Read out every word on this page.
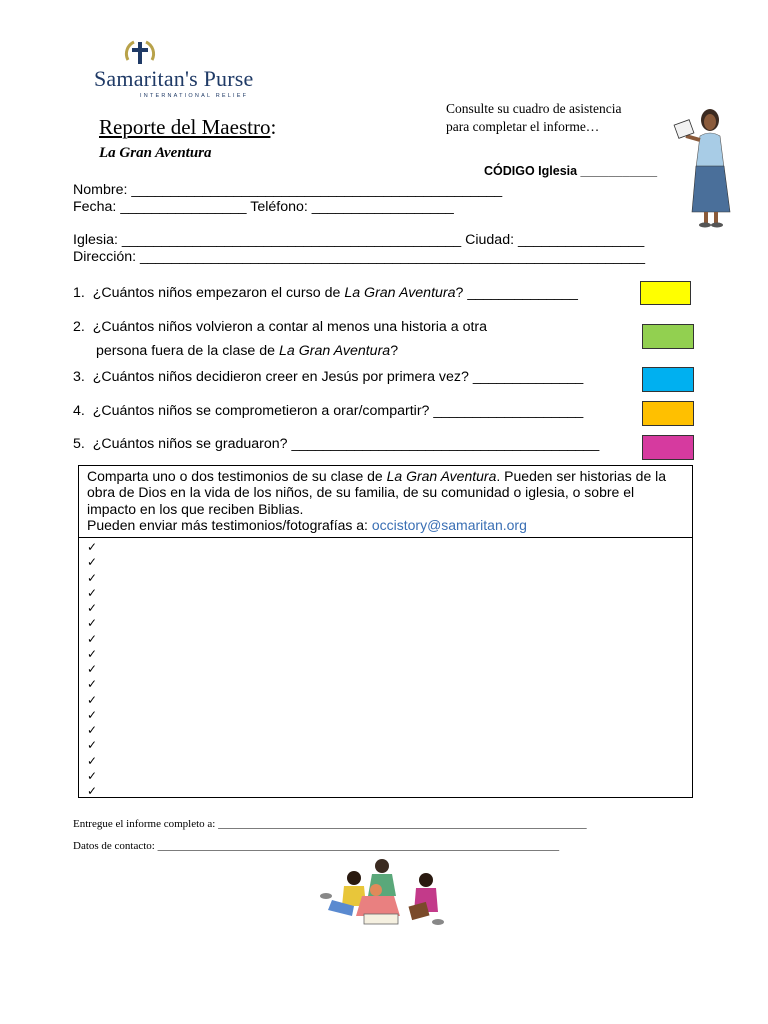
Samaritan's Purse
INTERNATIONAL RELIEF
Reporte del Maestro:
La Gran Aventura
Consulte su cuadro de asistencia
para completar el informe…
CÓDIGO Iglesia ___________
Nombre: _______________________________________________
Fecha: ________________ Teléfono: __________________
Iglesia: ___________________________________________ Ciudad: ________________
Dirección: ________________________________________________________________
1. ¿Cuántos niños empezaron el curso de La Gran Aventura? ______________
2. ¿Cuántos niños volvieron a contar al menos una historia a otra
persona fuera de la clase de La Gran Aventura?
3. ¿Cuántos niños decidieron creer en Jesús por primera vez? ______________
4. ¿Cuántos niños se comprometieron a orar/compartir? ___________________
5. ¿Cuántos niños se graduaron? _______________________________________
Comparta uno o dos testimonios de su clase de La Gran Aventura. Pueden ser historias de la obra de Dios en la vida de los niños, de su familia, de su comunidad o iglesia, o sobre el impacto en los que reciben Biblias.
Pueden enviar más testimonios/fotografías a: occistory@samaritan.org
✓
✓
✓
✓
✓
✓
✓
✓
✓
✓
✓
✓
✓
✓
✓
✓
✓
Entregue el informe completo a: ___________________________________________________________________
Datos de contacto: _________________________________________________________________________
